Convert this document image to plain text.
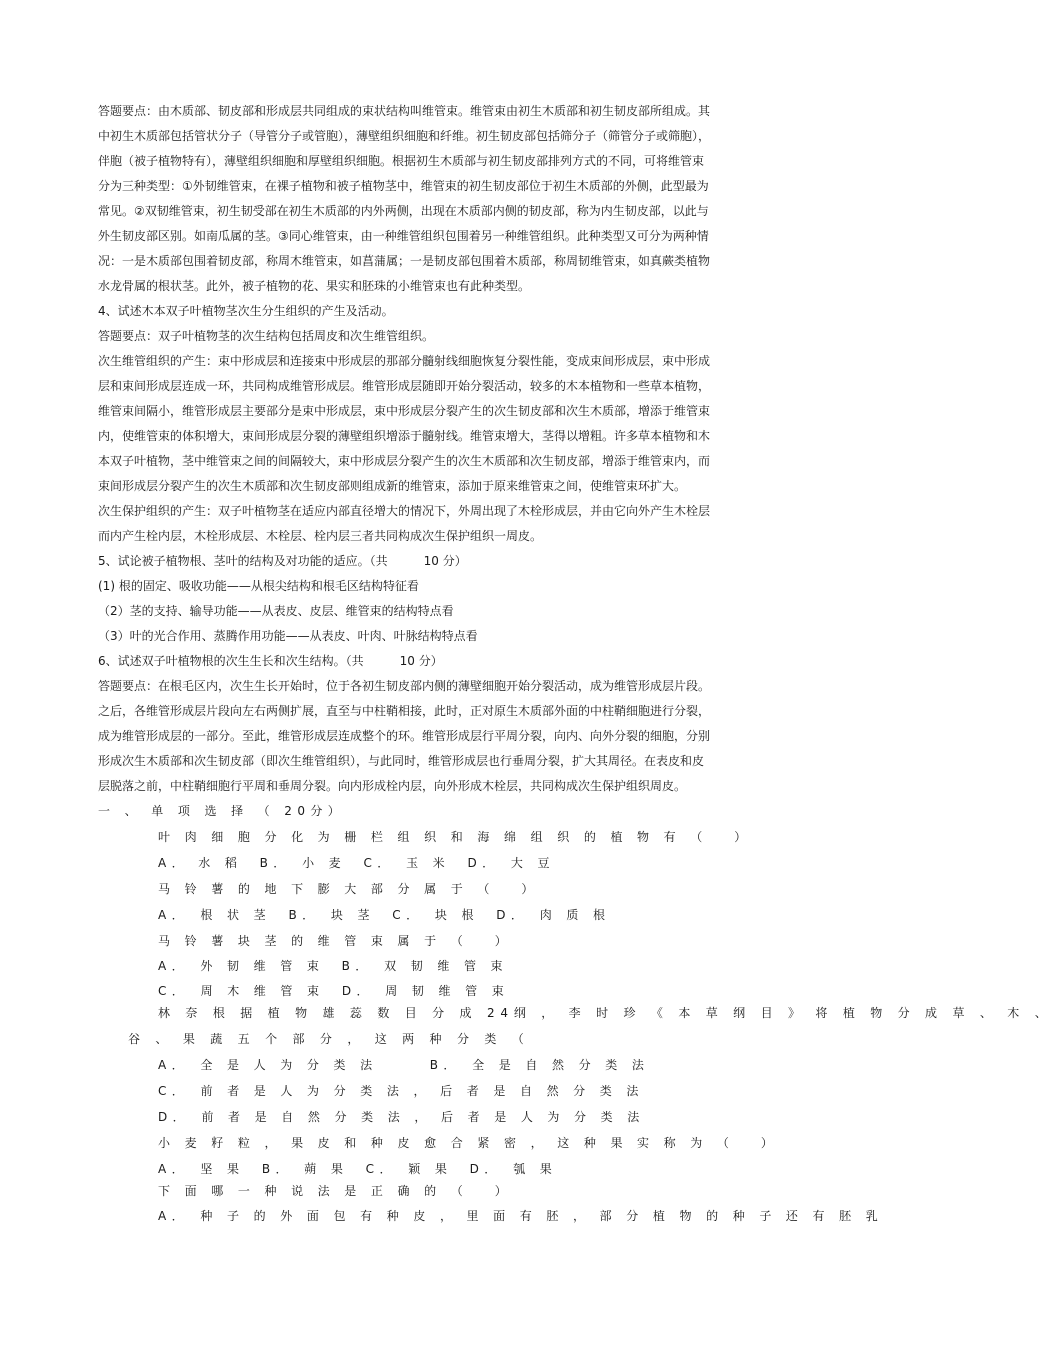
答题要点：由木质部、韧皮部和形成层共同组成的束状结构叫维管束。维管束由初生木质部和初生韧皮部所组成。其
中初生木质部包括管状分子（导管分子或管胞），薄壁组织细胞和纤维。初生韧皮部包括筛分子（筛管分子或筛胞），
伴胞（被子植物特有），薄壁组织细胞和厚壁组织细胞。根据初生木质部与初生韧皮部排列方式的不同，可将维管束
分为三种类型：①外韧维管束，在裸子植物和被子植物茎中，维管束的初生韧皮部位于初生木质部的外侧，此型最为
常见。②双韧维管束，初生韧受部在初生木质部的内外两侧，出现在木质部内侧的韧皮部，称为内生韧皮部，以此与
外生韧皮部区别。如南瓜属的茎。③同心维管束，由一种维管组织包围着另一种维管组织。此种类型又可分为两种情
况：一是木质部包围着韧皮部，称周木维管束，如菖蒲属；一是韧皮部包围着木质部，称周韧维管束，如真蕨类植物
水龙骨属的根状茎。此外，被子植物的花、果实和胚珠的小维管束也有此种类型。
4、试述木本双子叶植物茎次生分生组织的产生及活动。
答题要点：双子叶植物茎的次生结构包括周皮和次生维管组织。
次生维管组织的产生：束中形成层和连接束中形成层的那部分髓射线细胞恢复分裂性能，变成束间形成层，束中形成
层和束间形成层连成一环，共同构成维管形成层。维管形成层随即开始分裂活动，较多的木本植物和一些草本植物，
维管束间隔小，维管形成层主要部分是束中形成层，束中形成层分裂产生的次生韧皮部和次生木质部，增添于维管束
内，使维管束的体积增大，束间形成层分裂的薄壁组织增添于髓射线。维管束增大，茎得以增粗。许多草本植物和木
本双子叶植物，茎中维管束之间的间隔较大，束中形成层分裂产生的次生木质部和次生韧皮部，增添于维管束内，而
束间形成层分裂产生的次生木质部和次生韧皮部则组成新的维管束，添加于原来维管束之间，使维管束环扩大。
次生保护组织的产生：双子叶植物茎在适应内部直径增大的情况下，外周出现了木栓形成层，并由它向外产生木栓层
而内产生栓内层，木栓形成层、木栓层、栓内层三者共同构成次生保护组织一周皮。
5、试论被子植物根、茎叶的结构及对功能的适应。（共　　　10 分）
(1) 根的固定、吸收功能——从根尖结构和根毛区结构特征看
（2）茎的支持、输导功能——从表皮、皮层、维管束的结构特点看
（3）叶的光合作用、蒸腾作用功能——从表皮、叶肉、叶脉结构特点看
6、试述双子叶植物根的次生生长和次生结构。（共　　　10 分）
答题要点：在根毛区内，次生生长开始时，位于各初生韧皮部内侧的薄壁细胞开始分裂活动，成为维管形成层片段。
之后，各维管形成层片段向左右两侧扩展，直至与中柱鞘相接，此时，正对原生木质部外面的中柱鞘细胞进行分裂，
成为维管形成层的一部分。至此，维管形成层连成整个的环。维管形成层行平周分裂，向内、向外分裂的细胞，分别
形成次生木质部和次生韧皮部（即次生维管组织），与此同时，维管形成层也行垂周分裂，扩大其周径。在表皮和皮
层脱落之前，中柱鞘细胞行平周和垂周分裂。向内形成栓内层，向外形成木栓层，共同构成次生保护组织周皮。
一 、 单 项 选 择 （ 20分）
叶 肉 细 胞 分 化 为 栅 栏 组 织 和 海 绵 组 织 的 植 物 有 （　 ）
A． 水 稻　B．　小 麦　C．　玉 米　D．　大 豆
马 铃 薯 的 地 下 膨 大 部 分 属 于 （　 ）
A．　根 状 茎　B．　块 茎　C．　块 根　D．　肉 质 根
马 铃 薯 块 茎 的 维 管 束 属 于 （　 ）
A．　外 韧 维 管 束　B．　双 韧 维 管 束
C．　周 木 维 管 束　D．　周 韧 维 管 束
林 奈 根 据 植 物 雄 蕊 数 目 分 成 24纲 ， 李 时 珍 《 本 草 纲 目 》 将 植 物 分 成 草 、 木 、
谷 、 果 蔬 五 个 部 分 ， 这 两 种 分 类 （
A．　全 是 人 为 分 类 法　　　B．　全 是 自 然 分 类 法
C．　前 者 是 人 为 分 类 法 ， 后 者 是 自 然 分 类 法
D．　前 者 是 自 然 分 类 法 ， 后 者 是 人 为 分 类 法
小 麦 籽 粒 ， 果 皮 和 种 皮 愈 合 紧 密 ， 这 种 果 实 称 为 （　 ）
A．　坚 果　B．　蒴 果　C．　颖 果　D．　瓠 果
下 面 哪 一 种 说 法 是 正 确 的 （　 ）
A．　种 子 的 外 面 包 有 种 皮 ， 里 面 有 胚 ， 部 分 植 物 的 种 子 还 有 胚 乳
